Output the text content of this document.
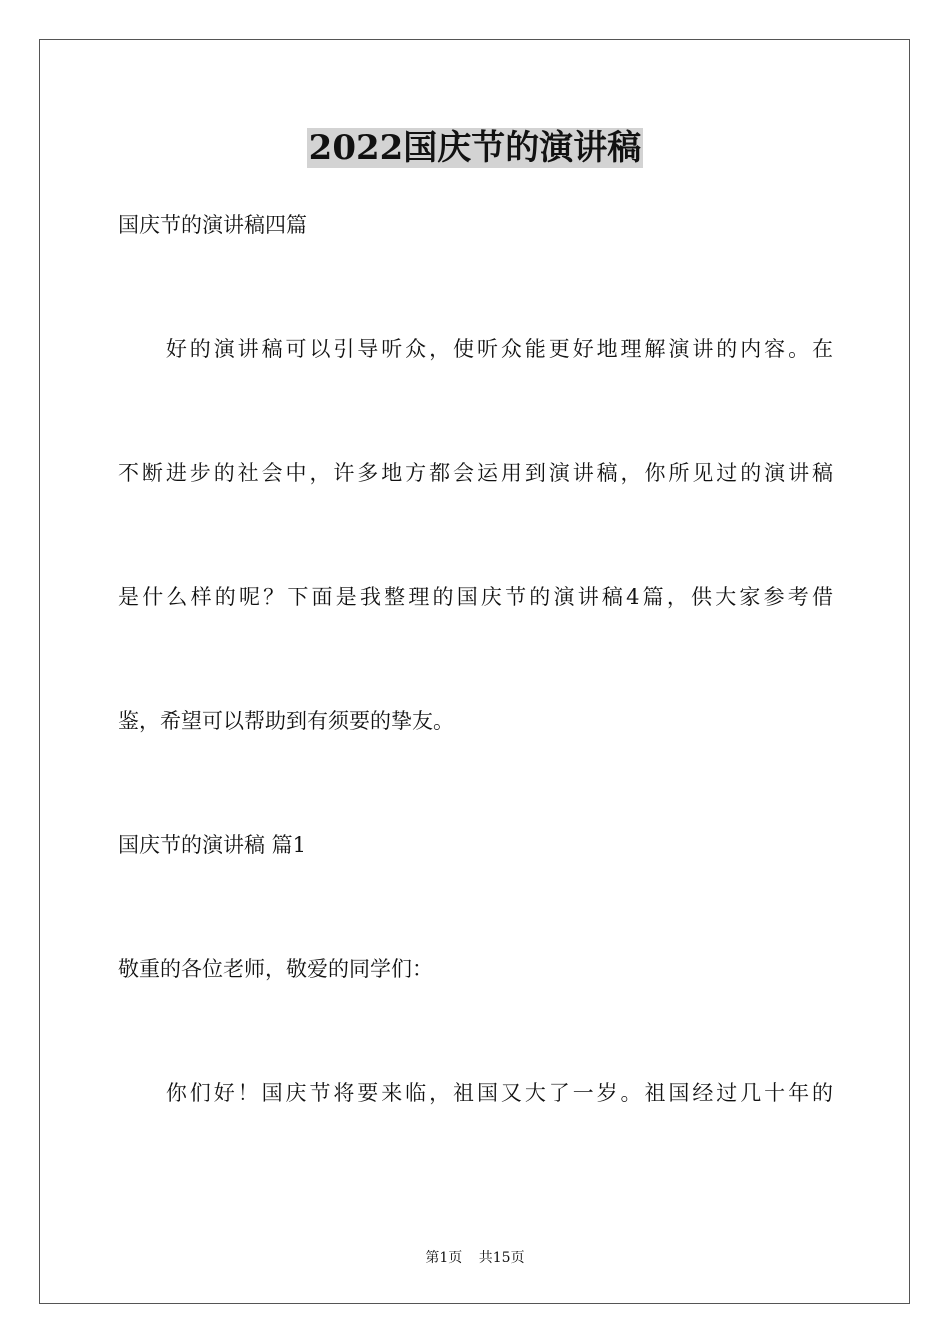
2022国庆节的演讲稿
国庆节的演讲稿四篇
　　好的演讲稿可以引导听众，使听众能更好地理解演讲的内容。在
不断进步的社会中，许多地方都会运用到演讲稿，你所见过的演讲稿
是什么样的呢？下面是我整理的国庆节的演讲稿4篇，供大家参考借
鉴，希望可以帮助到有须要的挚友。
国庆节的演讲稿 篇1
敬重的各位老师，敬爱的同学们：
　　你们好！国庆节将要来临，祖国又大了一岁。祖国经过几十年的
第1页 共15页
